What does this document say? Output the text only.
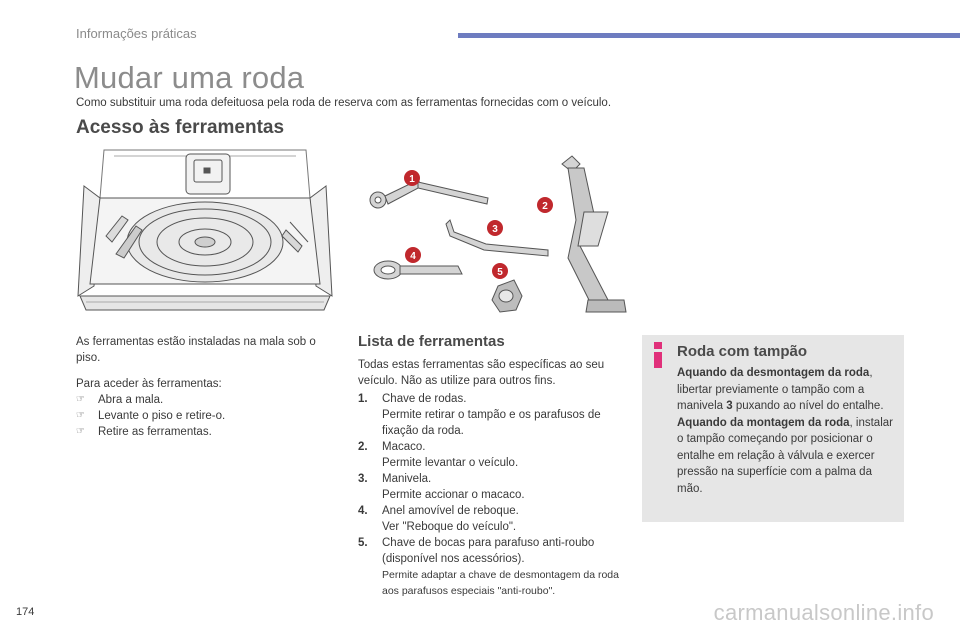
Informações práticas
Mudar uma roda
Como substituir uma roda defeituosa pela roda de reserva com as ferramentas fornecidas com o veículo.
Acesso às ferramentas
1
2
3
4
5

As ferramentas estão instaladas na mala sob o piso.

Para aceder às ferramentas:

☞ Abra a mala.
☞ Levante o piso e retire-o.
☞ Retire as ferramentas.
Lista de ferramentas

Todas estas ferramentas são específicas ao seu veículo. Não as utilize para outros fins.

1. Chave de rodas.
Permite retirar o tampão e os parafusos de fixação da roda.
2. Macaco.
Permite levantar o veículo.
3. Manivela.
Permite accionar o macaco.
4. Anel amovível de reboque.
Ver "Reboque do veículo".
5. Chave de bocas para parafuso anti-roubo (disponível nos acessórios).
Permite adaptar a chave de desmontagem da roda aos parafusos especiais "anti-roubo".
Roda com tampão
Aquando da desmontagem da roda, libertar previamente o tampão com a manivela 3 puxando ao nível do entalhe.
Aquando da montagem da roda, instalar o tampão começando por posicionar o entalhe em relação à válvula e exercer pressão na superfície com a palma da mão.
174	carmanualsonline.info
